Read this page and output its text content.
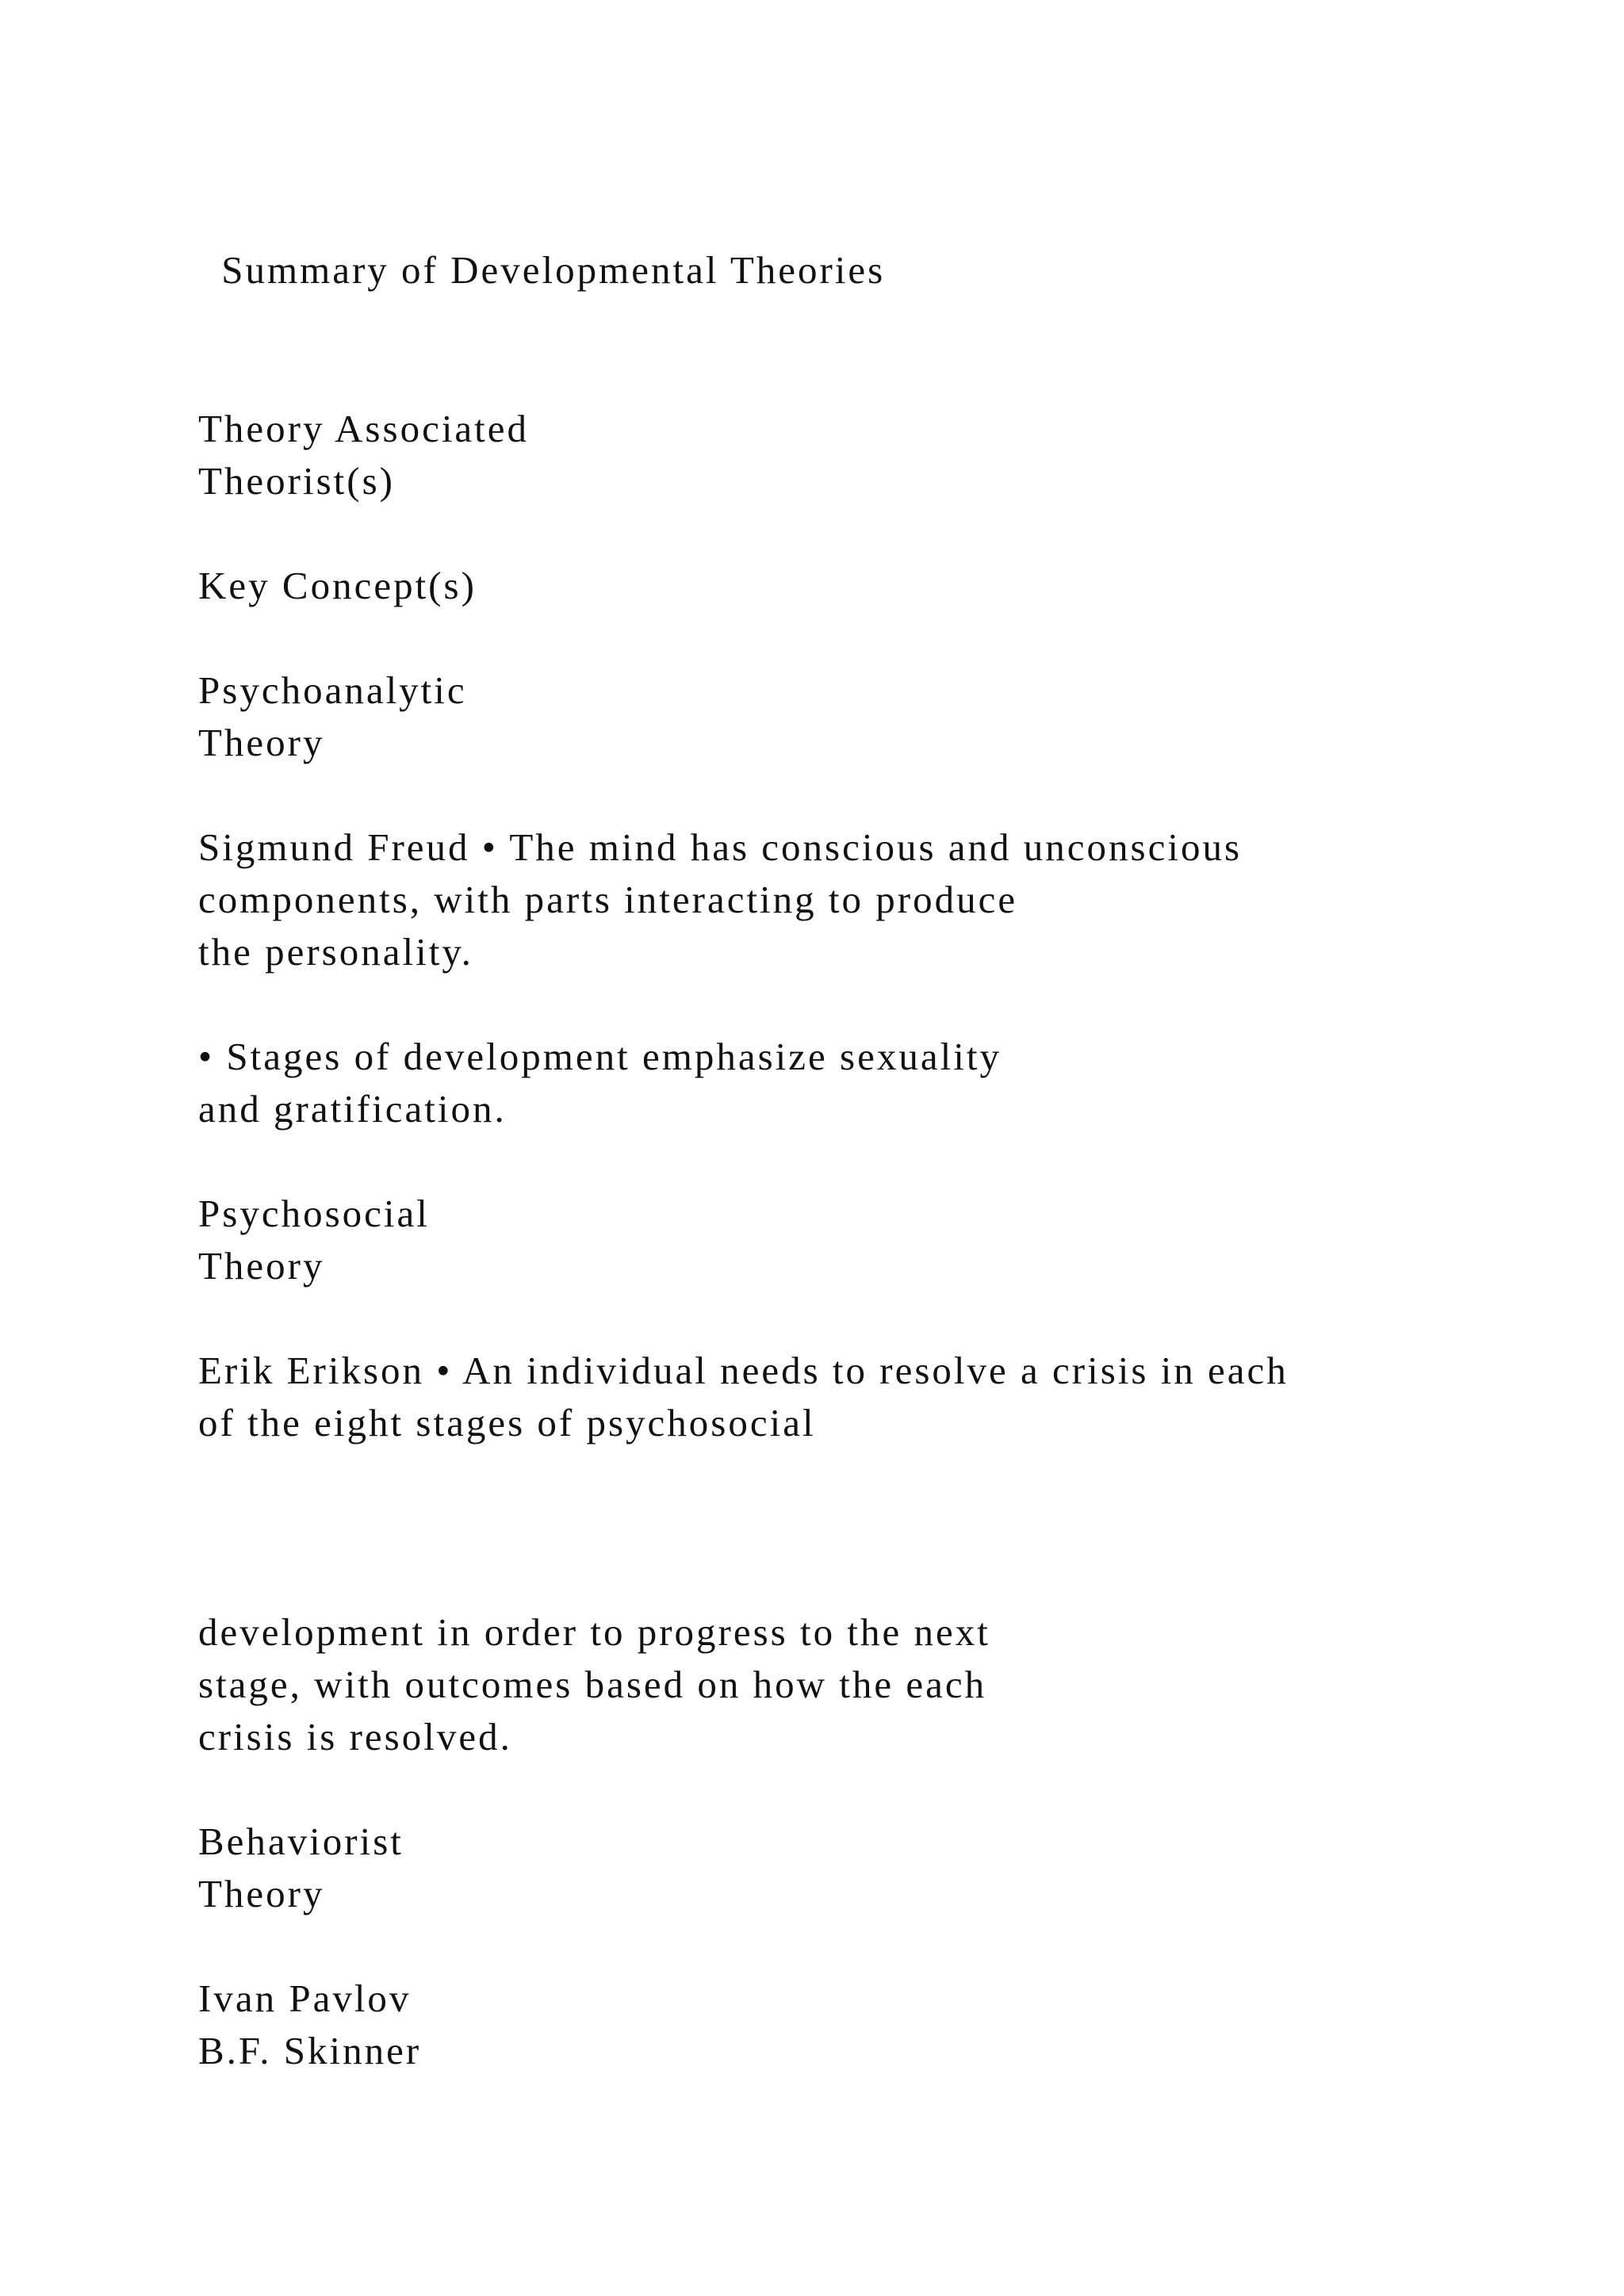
Summary of Developmental Theories
Theory Associated
Theorist(s)
Key Concept(s)
Psychoanalytic
Theory
Sigmund Freud • The mind has conscious and unconscious
components, with parts interacting to produce
the personality.
• Stages of development emphasize sexuality
and gratification.
Psychosocial
Theory
Erik Erikson • An individual needs to resolve a crisis in each
of the eight stages of psychosocial
development in order to progress to the next
stage, with outcomes based on how the each
crisis is resolved.
Behaviorist
Theory
Ivan Pavlov
B.F. Skinner
